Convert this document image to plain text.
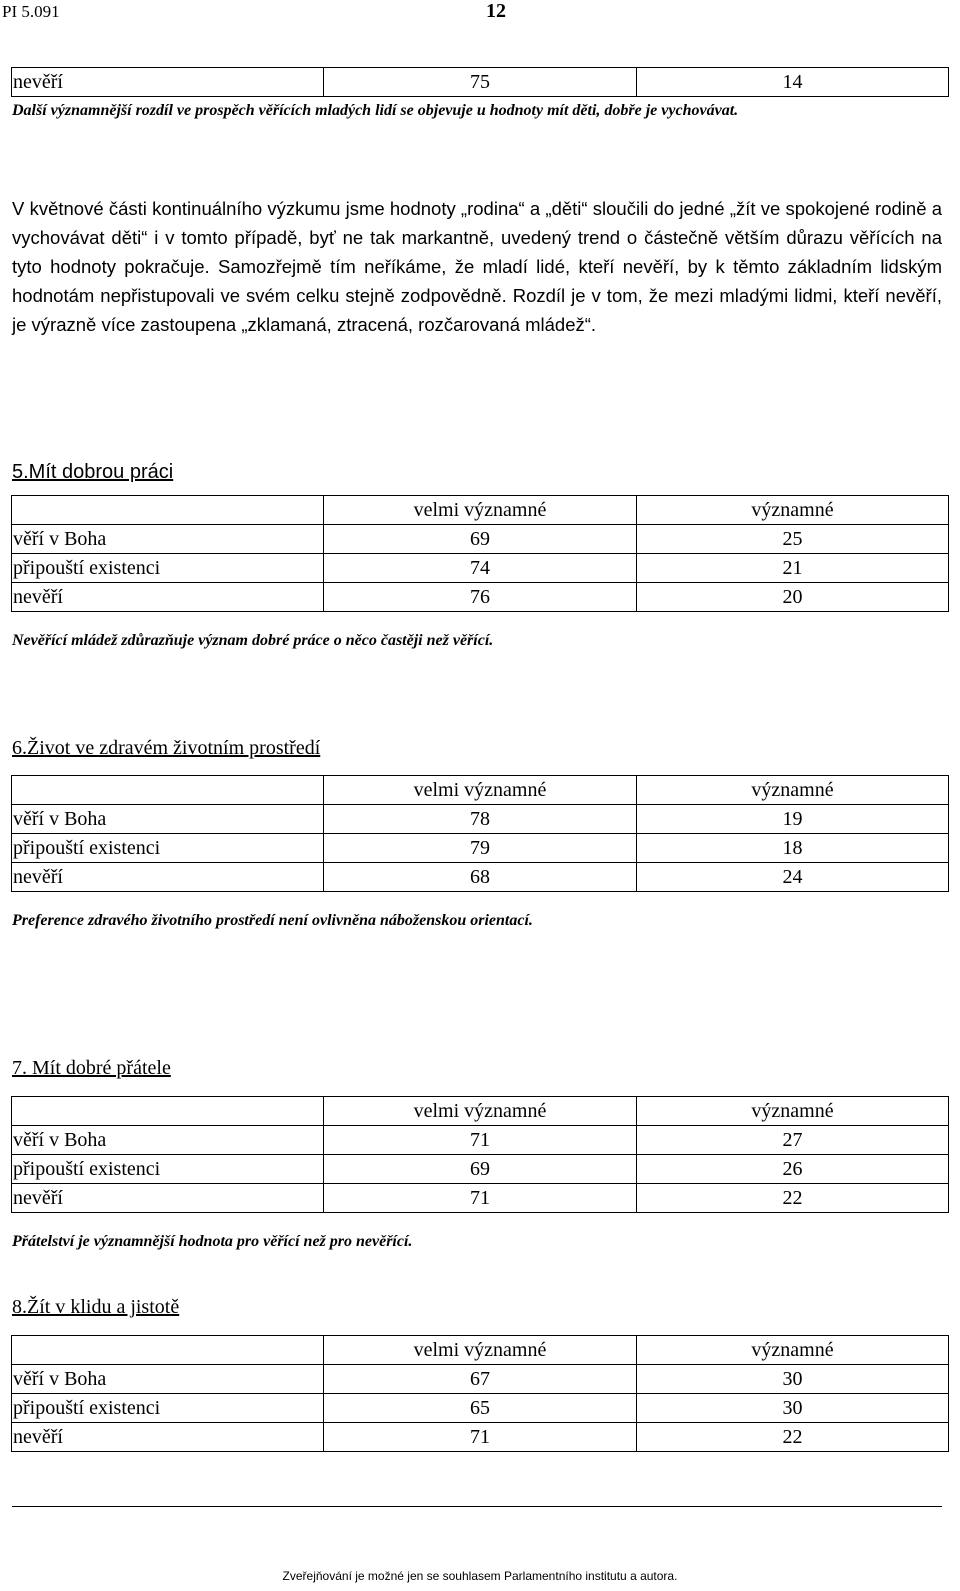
PI 5.091	12
nevěří	75	14
Další významnější rozdíl ve prospěch věřících mladých lidí se objevuje u hodnoty mít děti, dobře je vychovávat.
V květnové části kontinuálního výzkumu jsme hodnoty „rodina“ a „děti“ sloučili do jedné „žít ve spokojené rodině a vychovávat děti“ i v tomto případě, byť ne tak markantně, uvedený trend o částečně větším důrazu věřících na tyto hodnoty pokračuje. Samozřejmě tím neříkáme, že mladí lidé, kteří nevěří, by k těmto základním lidským hodnotám nepřistupovali ve svém celku stejně zodpovědně. Rozdíl je v tom, že mezi mladými lidmi, kteří nevěří, je výrazně více zastoupena „zklamaná, ztracená, rozčarovaná mládež“.
5.Mít dobrou práci
	velmi významné	významné
věří v Boha	69	25
připouští existenci	74	21
nevěří	76	20
Nevěřící mládež zdůrazňuje význam dobré práce o něco častěji než věřící.
6.Život ve zdravém životním prostředí
	velmi významné	významné
věří v Boha	78	19
připouští existenci	79	18
nevěří	68	24
Preference zdravého životního prostředí není ovlivněna náboženskou orientací.
7. Mít dobré přátele
	velmi významné	významné
věří v Boha	71	27
připouští existenci	69	26
nevěří	71	22
Přátelství je významnější hodnota pro věřící než pro nevěřící.
8.Žít v klidu a jistotě
	velmi významné	významné
věří v Boha	67	30
připouští existenci	65	30
nevěří	71	22
Zveřejňování je možné jen se souhlasem Parlamentního institutu a autora.
